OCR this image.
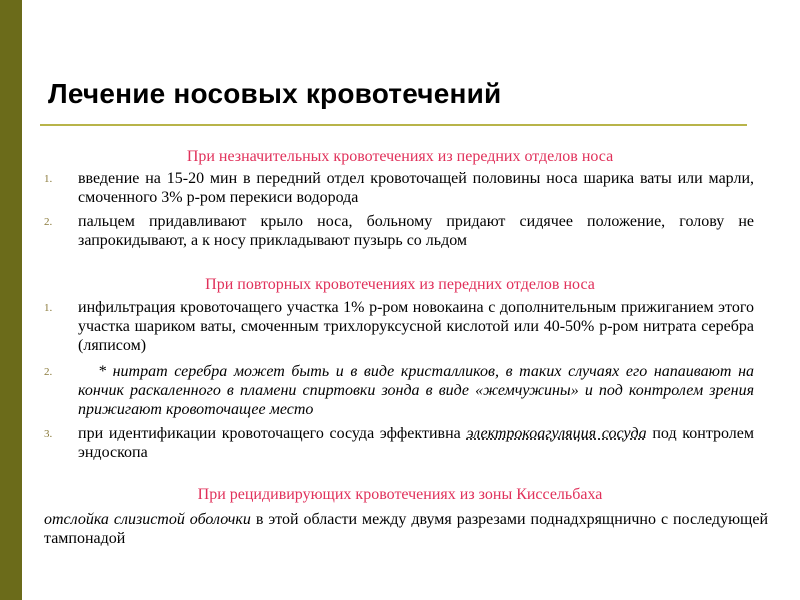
Лечение носовых кровотечений
При незначительных кровотечениях из передних отделов носа
1. введение на 15-20 мин в передний отдел кровоточащей половины носа шарика ваты или марли, смоченного 3% р-ром перекиси водорода
2. пальцем придавливают крыло носа, больному придают сидячее положение, голову не запрокидывают, а к носу прикладывают пузырь со льдом
При повторных кровотечениях из передних отделов носа
1. инфильтрация кровоточащего участка 1% р-ром новокаина с дополнительным прижиганием этого участка шариком ваты, смоченным трихлоруксусной кислотой или 40-50% р-ром нитрата серебра (ляписом)
2.	* нитрат серебра может быть и в виде кристалликов, в таких случаях его напаивают на кончик раскаленного в пламени спиртовки зонда в виде «жемчужины» и под контролем зрения прижигают кровоточащее место
3. при идентификации кровоточащего сосуда эффективна электрокоагуляция сосуда под контролем эндоскопа
При рецидивирующих кровотечениях из зоны Киссельбаха
отслойка слизистой оболочки в этой области между двумя разрезами поднадхрящнично с последующей тампонадой
